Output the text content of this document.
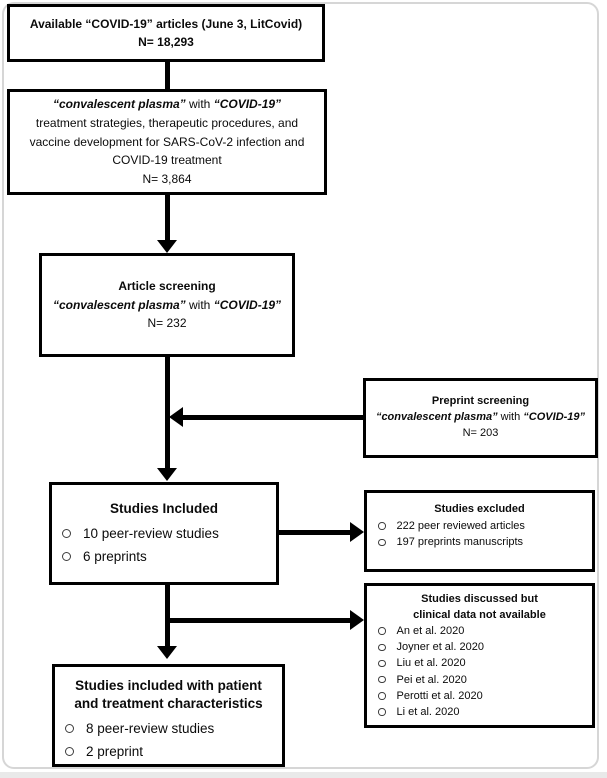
Available “COVID-19” articles (June 3, LitCovid)
N= 18,293
“convalescent plasma” with “COVID-19”
treatment strategies, therapeutic procedures, and
vaccine development for SARS-CoV-2 infection and
COVID-19 treatment
N= 3,864
Article screening
“convalescent plasma” with “COVID-19”
N= 232
Preprint screening
“convalescent plasma” with “COVID-19”
N= 203
Studies Included
10 peer-review studies
6 preprints
Studies excluded
222 peer reviewed articles
197 preprints manuscripts
Studies discussed but
clinical data not available
An et al. 2020
Joyner et al. 2020
Liu et al. 2020
Pei et al. 2020
Perotti et al. 2020
Li et al. 2020
Studies included with patient
and treatment characteristics
8 peer-review studies
2 preprint
